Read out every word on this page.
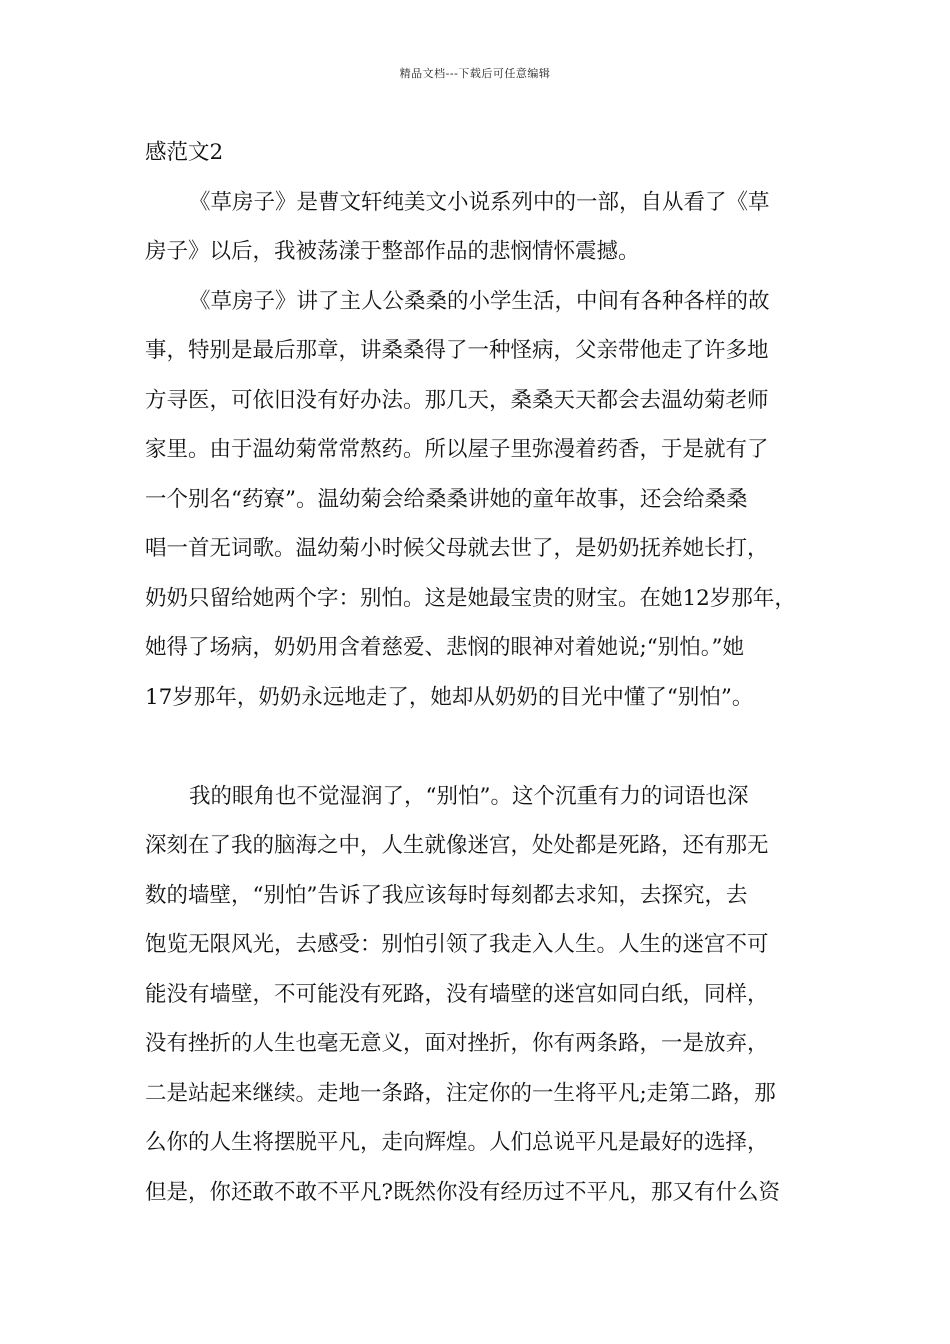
精品文档---下载后可任意编辑
感范文2
《草房子》是曹文轩纯美文小说系列中的一部，自从看了《草
房子》以后，我被荡漾于整部作品的悲悯情怀震撼。
《草房子》讲了主人公桑桑的小学生活，中间有各种各样的故
事，特别是最后那章，讲桑桑得了一种怪病，父亲带他走了许多地
方寻医，可依旧没有好办法。那几天，桑桑天天都会去温幼菊老师
家里。由于温幼菊常常熬药。所以屋子里弥漫着药香，于是就有了
一个别名“药寮”。温幼菊会给桑桑讲她的童年故事，还会给桑桑
唱一首无词歌。温幼菊小时候父母就去世了，是奶奶抚养她长打，
奶奶只留给她两个字：别怕。这是她最宝贵的财宝。在她12岁那年，
她得了场病，奶奶用含着慈爱、悲悯的眼神对着她说;“别怕。”她
17岁那年，奶奶永远地走了，她却从奶奶的目光中懂了“别怕”。
我的眼角也不觉湿润了，“别怕”。这个沉重有力的词语也深
深刻在了我的脑海之中，人生就像迷宫，处处都是死路，还有那无
数的墙壁，“别怕”告诉了我应该每时每刻都去求知，去探究，去
饱览无限风光，去感受：别怕引领了我走入人生。人生的迷宫不可
能没有墙壁，不可能没有死路，没有墙壁的迷宫如同白纸，同样，
没有挫折的人生也毫无意义，面对挫折，你有两条路，一是放弃，
二是站起来继续。走地一条路，注定你的一生将平凡;走第二路，那
么你的人生将摆脱平凡，走向辉煌。人们总说平凡是最好的选择，
但是，你还敢不敢不平凡?既然你没有经历过不平凡，那又有什么资
